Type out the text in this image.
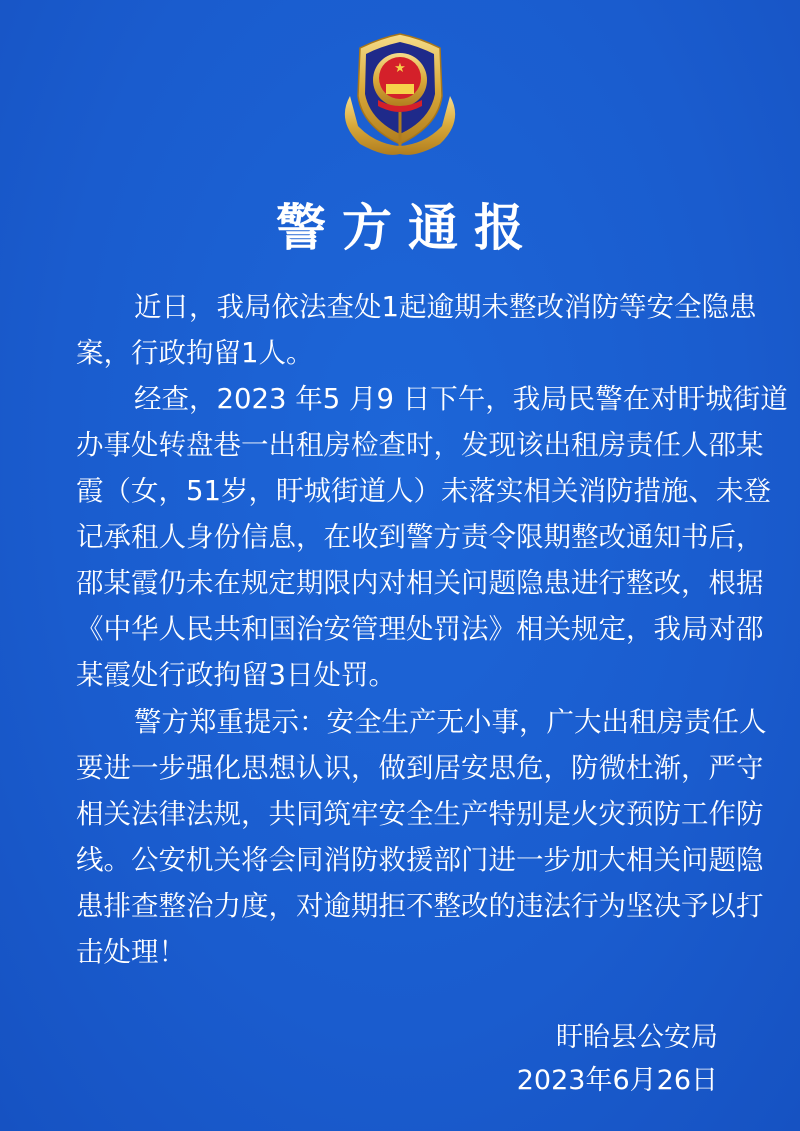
★
警方通报
近日，我局依法查处1起逾期未整改消防等安全隐患
案，行政拘留1人。
经查，2023 年5 月9 日下午，我局民警在对盱城街道
办事处转盘巷一出租房检查时，发现该出租房责任人邵某
霞（女，51岁，盱城街道人）未落实相关消防措施、未登
记承租人身份信息，在收到警方责令限期整改通知书后，
邵某霞仍未在规定期限内对相关问题隐患进行整改，根据
《中华人民共和国治安管理处罚法》相关规定，我局对邵
某霞处行政拘留3日处罚。
警方郑重提示：安全生产无小事，广大出租房责任人
要进一步强化思想认识，做到居安思危，防微杜渐，严守
相关法律法规，共同筑牢安全生产特别是火灾预防工作防
线。公安机关将会同消防救援部门进一步加大相关问题隐
患排查整治力度，对逾期拒不整改的违法行为坚决予以打
击处理！
盱眙县公安局
2023年6月26日
